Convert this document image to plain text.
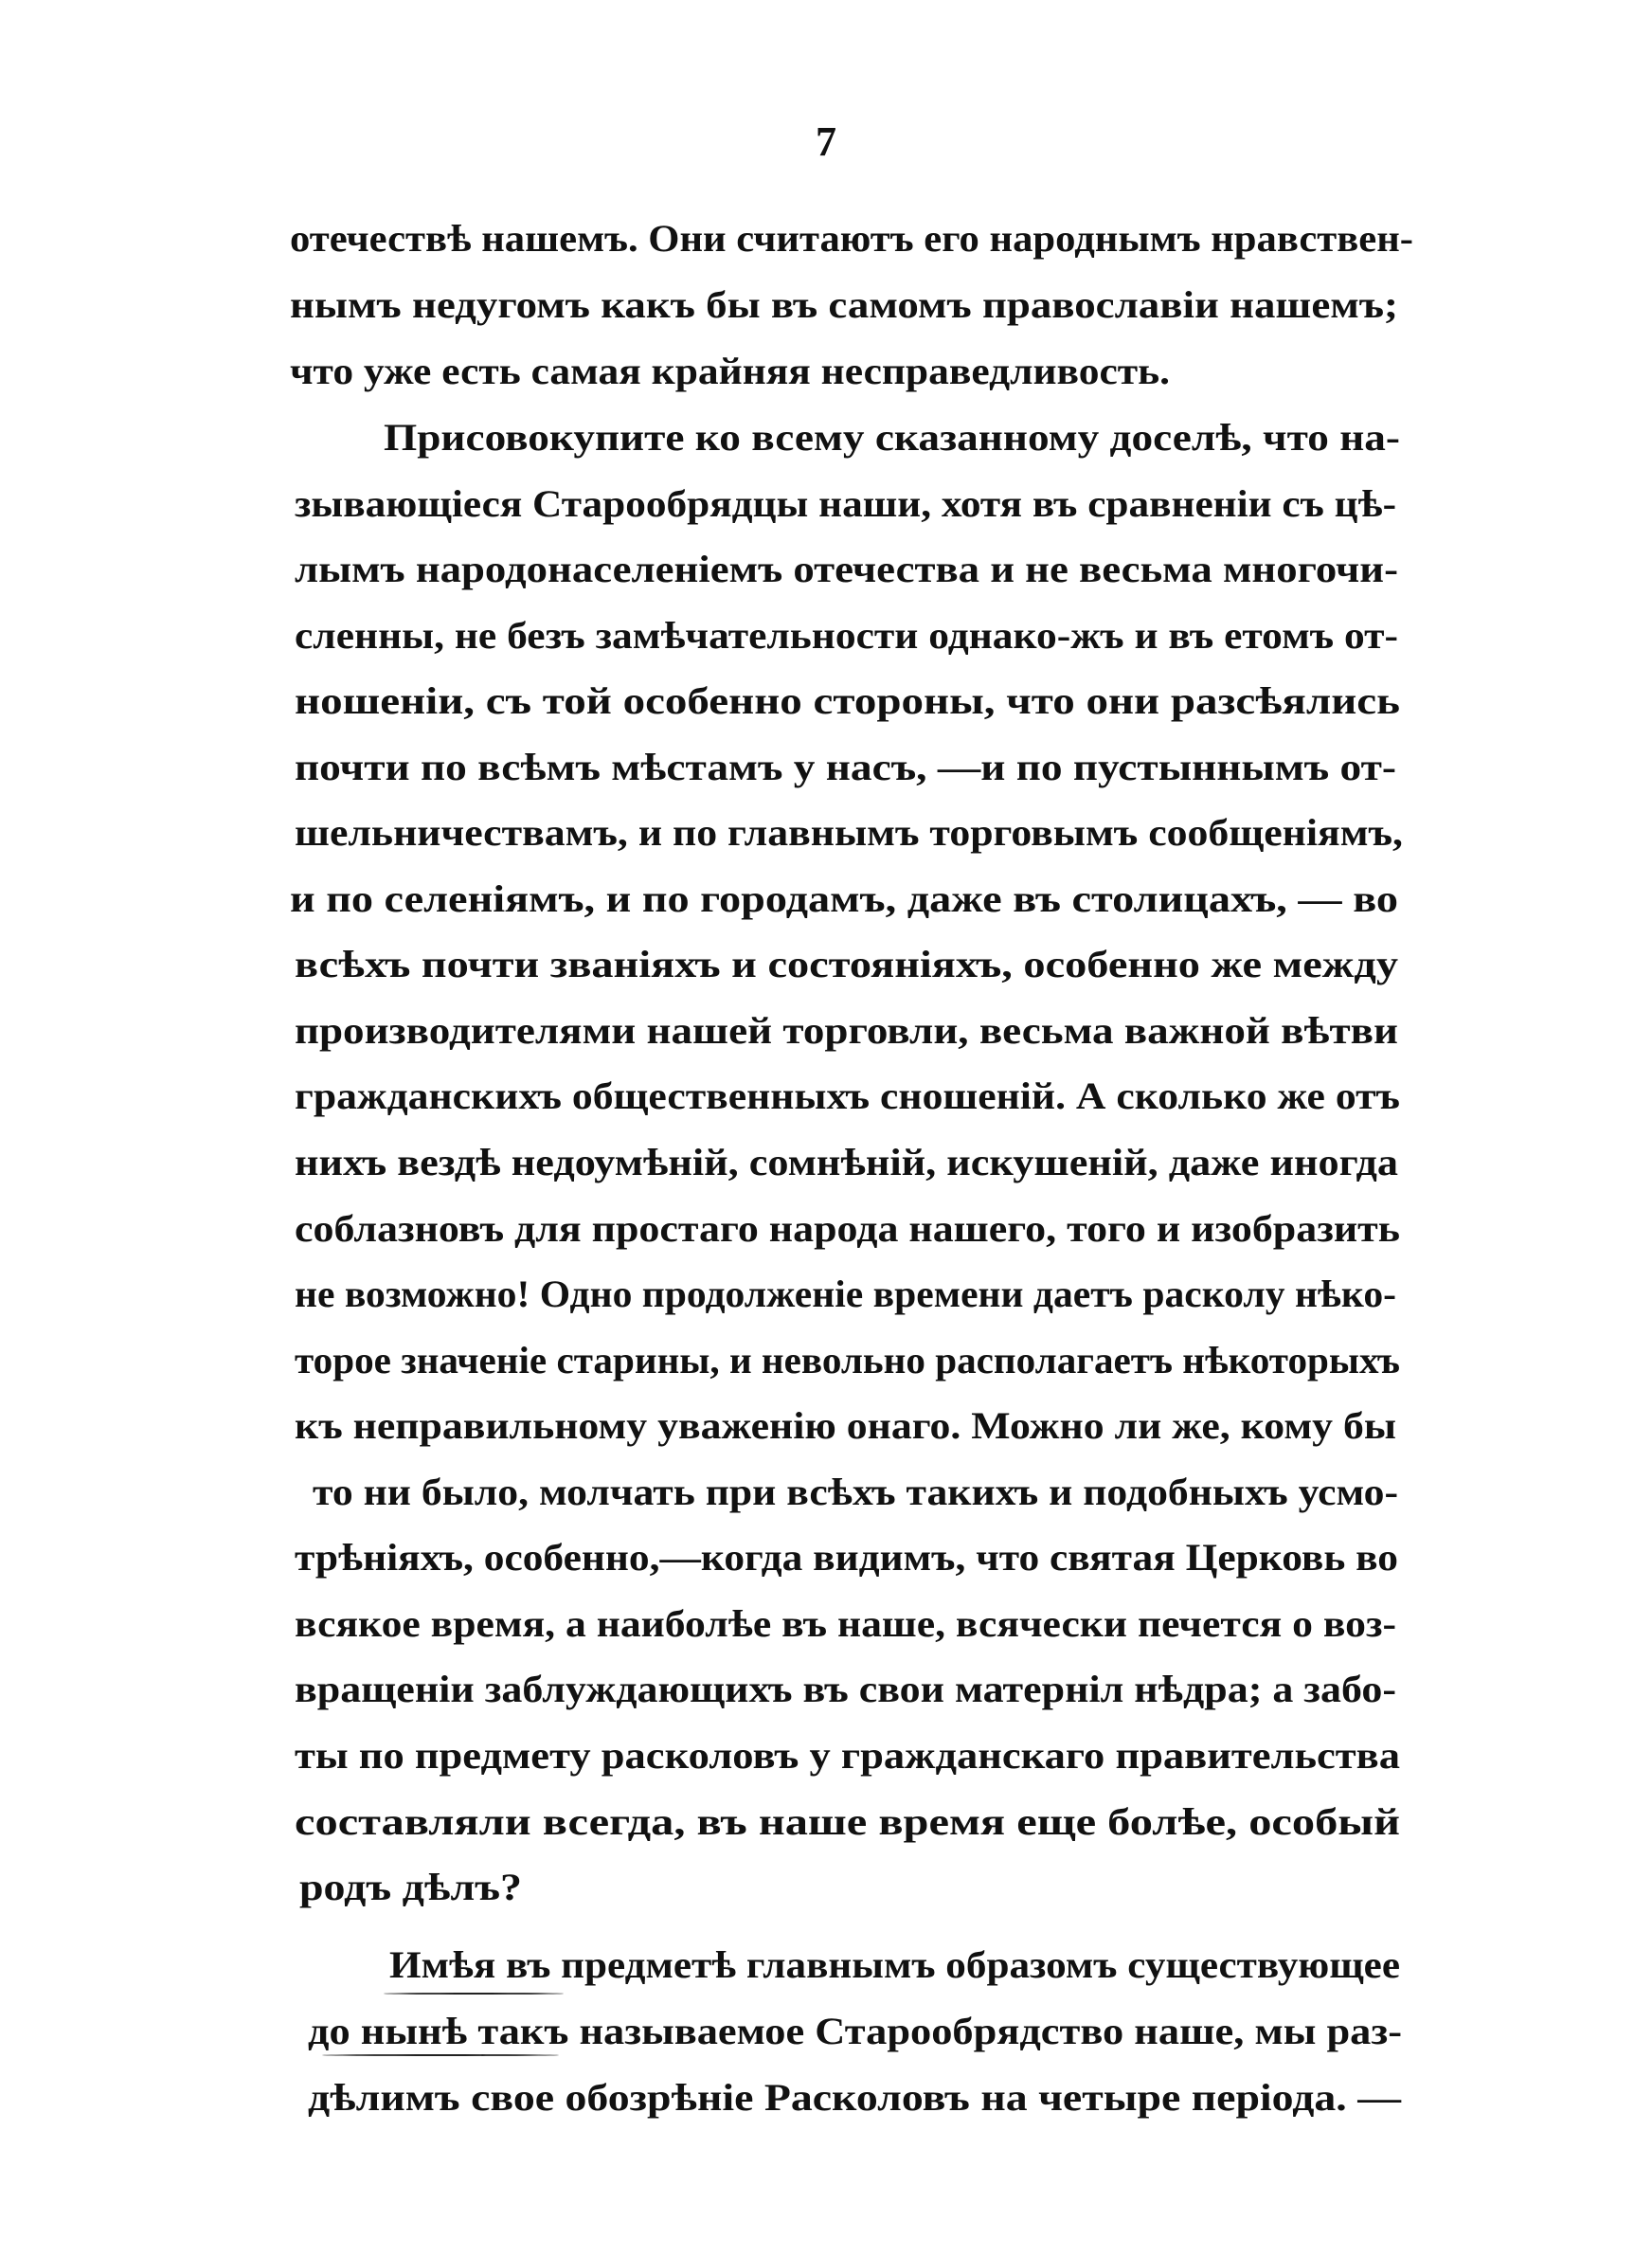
7
отечествѣ нашемъ. Они считаютъ его народнымъ нравствен-
нымъ недугомъ какъ бы въ самомъ православіи нашемъ;
что уже есть самая крайняя несправедливость.
Присовокупите ко всему сказанному доселѣ, что на-
зывающіеся Старообрядцы наши, хотя въ сравненіи съ цѣ-
лымъ народонаселеніемъ отечества и не весьма многочи-
сленны, не безъ замѣчательности однако-жъ и въ етомъ от-
ношеніи, съ той особенно стороны, что они разсѣялись
почти по всѣмъ мѣстамъ у насъ, —и по пустыннымъ от-
шельничествамъ, и по главнымъ торговымъ сообщеніямъ,
и по селеніямъ, и по городамъ, даже въ столицахъ, — во
всѣхъ почти званіяхъ и состояніяхъ, особенно же между
производителями нашей торговли, весьма важной вѣтви
гражданскихъ общественныхъ сношеній. А сколько же отъ
нихъ вездѣ недоумѣній, сомнѣній, искушеній, даже иногда
соблазновъ для простаго народа нашего, того и изобразить
не возможно! Одно продолженіе времени даетъ расколу нѣко-
торое значеніе старины, и невольно располагаетъ нѣкоторыхъ
къ неправильному уваженію онаго. Можно ли же, кому бы
то ни было, молчать при всѣхъ такихъ и подобныхъ усмо-
трѣніяхъ, особенно,—когда видимъ, что святая Церковь во
всякое время, а наиболѣе въ наше, всячески печется о воз-
вращеніи заблуждающихъ въ свои матерніл нѣдра; а забо-
ты по предмету расколовъ у гражданскаго правительства
составляли всегда, въ наше время еще болѣе, особый
родъ дѣлъ?
Имѣя въ предметѣ главнымъ образомъ существующее
до нынѣ такъ называемое Старообрядство наше, мы раз-
дѣлимъ свое обозрѣніе Расколовъ на четыре періода. —
